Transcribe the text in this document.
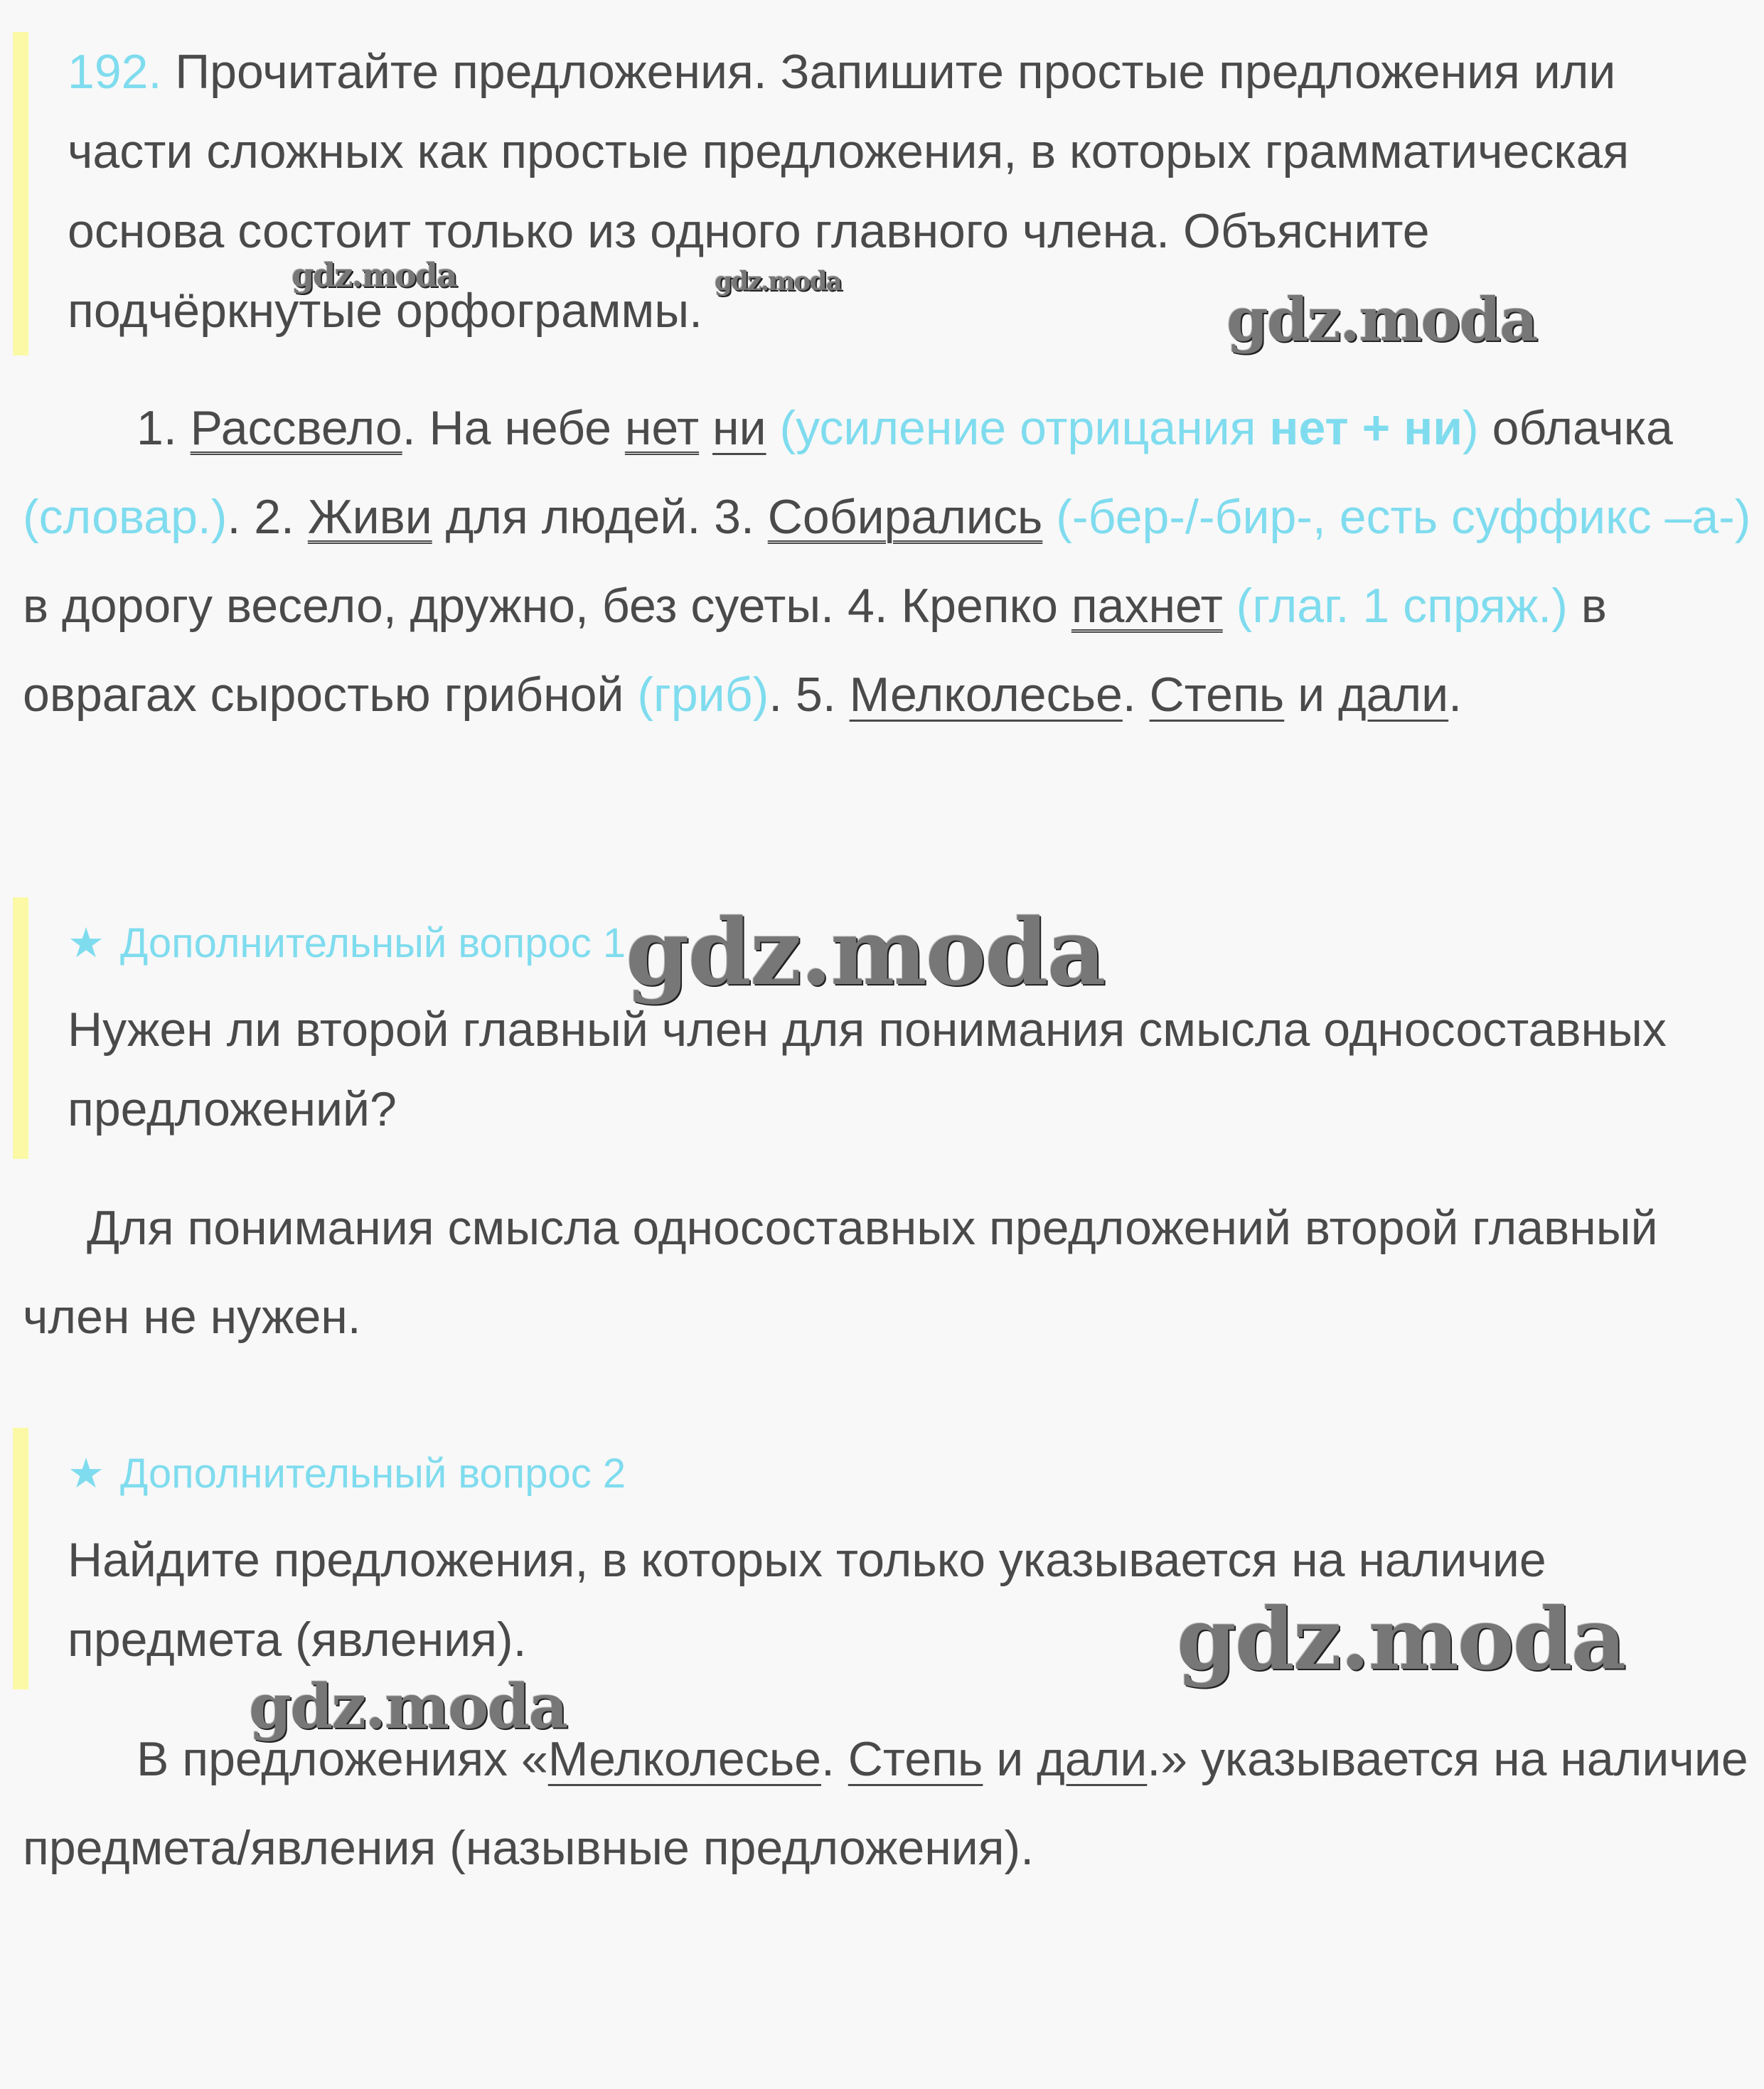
192. Прочитайте предложения. Запишите простые предложения или части сложных как простые предложения, в которых грамматическая основа состоит только из одного главного члена. Объясните подчёркнутые орфограммы.
1. Рассвело. На небе нет ни (усиление отрицания нет + ни) облачка (словар.). 2. Живи для людей. 3. Собирались (-бер-/-бир-, есть суффикс –а-) в дорогу весело, дружно, без суеты. 4. Крепко пахнет (глаг. 1 спряж.) в оврагах сыростью грибной (гриб). 5. Мелколесье. Степь и дали.
★ Дополнительный вопрос 1
Нужен ли второй главный член для понимания смысла односоставных предложений?
Для понимания смысла односоставных предложений второй главный член не нужен.
★ Дополнительный вопрос 2
Найдите предложения, в которых только указывается на наличие предмета (явления).
В предложениях «Мелколесье. Степь и дали.» указывается на наличие предмета/явления (назывные предложения).
gdz.moda	gdz.moda
gdz.moda
gdz.moda
gdz.moda
gdz.moda
